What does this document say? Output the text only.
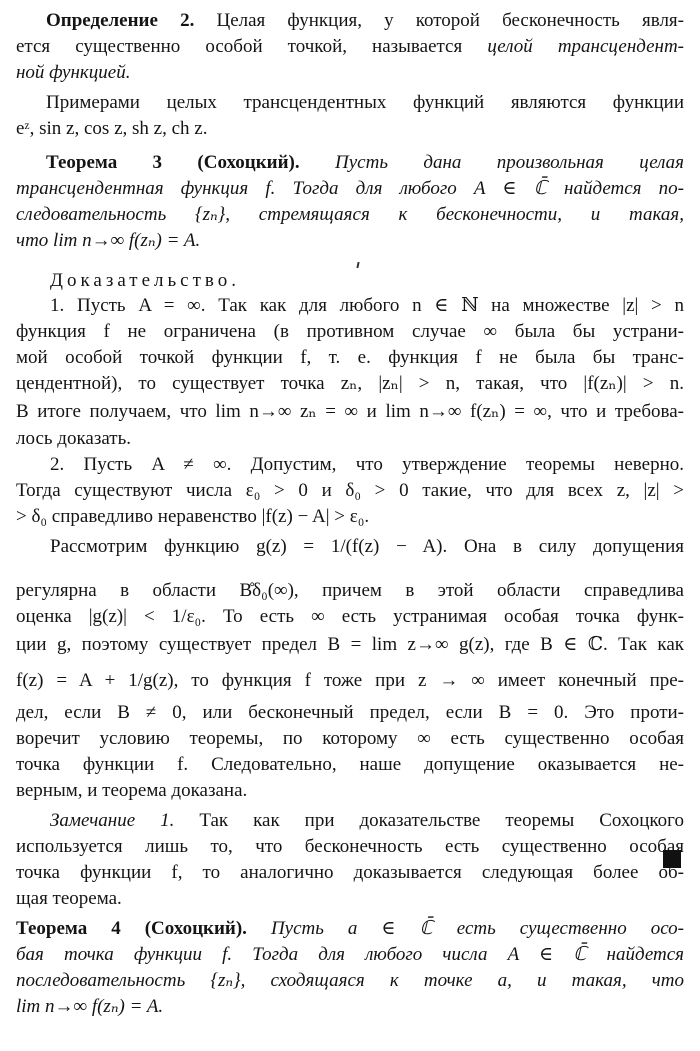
Определение 2. Целая функция, у которой бесконечность явля-
ется существенно особой точкой, называется целой трансцендент-
ной функцией.
Примерами целых трансцендентных функций являются функции
eᶻ, sin z, cos z, sh z, ch z.
Теорема 3 (Сохоцкий). Пусть дана произвольная целая
трансцендентная функция f. Тогда для любого A ∈ ℂ̄ найдется по-
следовательность {zₙ}, стремящаяся к бесконечности, и такая,
что lim n→∞ f(zₙ) = A.
Доказательство.
1. Пусть A = ∞. Так как для любого n ∈ ℕ на множестве |z| > n
функция f не ограничена (в противном случае ∞ была бы устрани-
мой особой точкой функции f, т. е. функция f не была бы транс-
цендентной), то существует точка zₙ, |zₙ| > n, такая, что |f(zₙ)| > n.
В итоге получаем, что lim n→∞ zₙ = ∞ и lim n→∞ f(zₙ) = ∞, что и требова-
лось доказать.
2. Пусть A ≠ ∞. Допустим, что утверждение теоремы неверно.
Тогда существуют числа ε₀ > 0 и δ₀ > 0 такие, что для всех z, |z| >
> δ₀ справедливо неравенство |f(z) − A| > ε₀.
Рассмотрим функцию g(z) = 1/(f(z) − A). Она в силу допущения
регулярна в области B̊δ₀(∞), причем в этой области справедлива
оценка |g(z)| < 1/ε₀. То есть ∞ есть устранимая особая точка функ-
ции g, поэтому существует предел B = lim z→∞ g(z), где B ∈ ℂ. Так как
f(z) = A + 1/g(z), то функция f тоже при z → ∞ имеет конечный пре-
дел, если B ≠ 0, или бесконечный предел, если B = 0. Это проти-
воречит условию теоремы, по которому ∞ есть существенно особая
точка функции f. Следовательно, наше допущение оказывается не-
верным, и теорема доказана.
Замечание 1. Так как при доказательстве теоремы Сохоцкого
используется лишь то, что бесконечность есть существенно особая
точка функции f, то аналогично доказывается следующая более об-
щая теорема.
Теорема 4 (Сохоцкий). Пусть a ∈ ℂ̄ есть существенно осо-
бая точка функции f. Тогда для любого числа A ∈ ℂ̄ найдется
последовательность {zₙ}, сходящаяся к точке a, и такая, что
lim n→∞ f(zₙ) = A.
